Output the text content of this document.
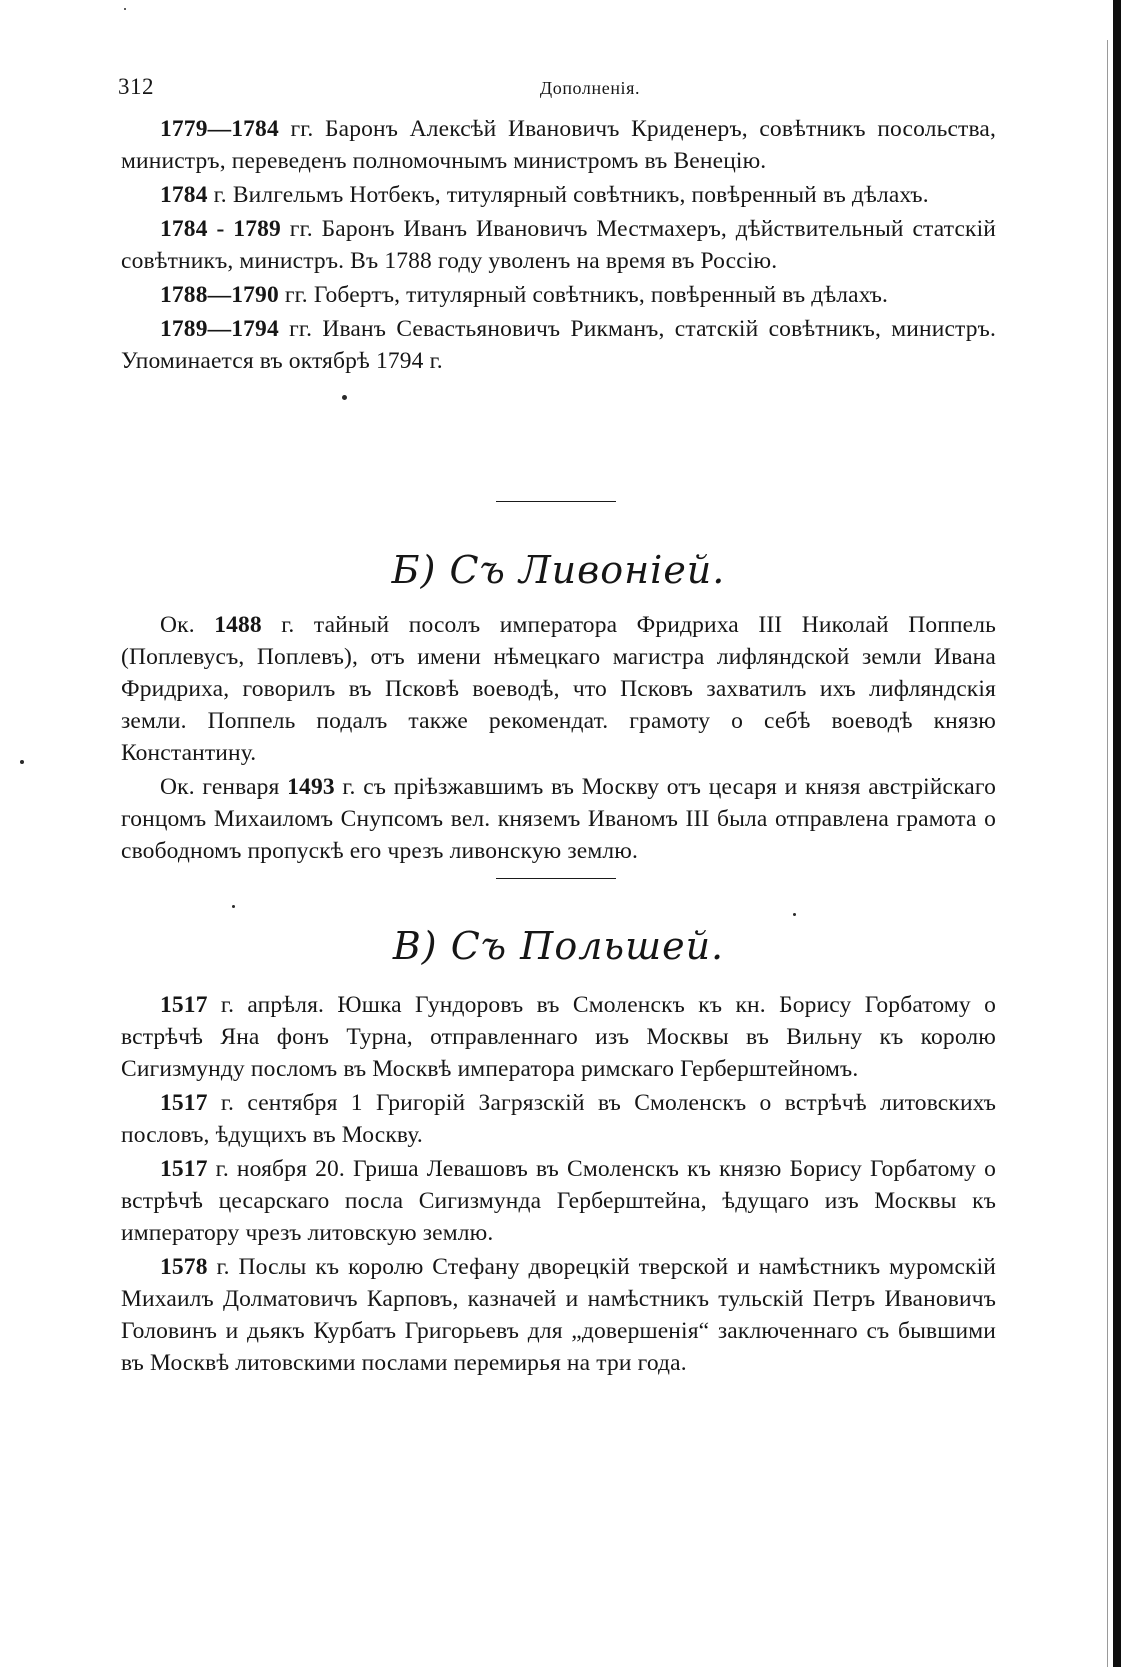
312	Дополненія.

1779—1784 гг. Баронъ Алексѣй Ивановичъ Криденеръ, совѣтникъ посольства, министръ, переведенъ полномочнымъ министромъ въ Венецію.

1784 г. Вилгельмъ Нотбекъ, титулярный совѣтникъ, повѣренный въ дѣлахъ.

1784 - 1789 гг. Баронъ Иванъ Ивановичъ Местмахеръ, дѣйствительный статскій совѣтникъ, министръ. Въ 1788 году уволенъ на время въ Россію.

1788—1790 гг. Гобертъ, титулярный совѣтникъ, повѣренный въ дѣлахъ.

1789—1794 гг. Иванъ Севастьяновичъ Рикманъ, статскій совѣтникъ, министръ. Упоминается въ октябрѣ 1794 г.

Б) Съ Ливоніей.

Ок. 1488 г. тайный посолъ императора Фридриха III Николай Поппель (Поплевусъ, Поплевъ), отъ имени нѣмецкаго магистра лифляндской земли Ивана Фридриха, говорилъ въ Псковѣ воеводѣ, что Псковъ захватилъ ихъ лифляндскія земли. Поппель подалъ также рекомендат. грамоту о себѣ воеводѣ князю Константину.

Ок. генваря 1493 г. съ пріѣзжавшимъ въ Москву отъ цесаря и князя австрійскаго гонцомъ Михаиломъ Снупсомъ вел. княземъ Иваномъ III была отправлена грамота о свободномъ пропускѣ его чрезъ ливонскую землю.

В) Съ Польшей.

1517 г. апрѣля. Юшка Гундоровъ въ Смоленскъ къ кн. Борису Горбатому о встрѣчѣ Яна фонъ Турна, отправленнаго изъ Москвы въ Вильну къ королю Сигизмунду посломъ въ Москвѣ императора римскаго Герберштейномъ.

1517 г. сентября 1 Григорій Загрязскій въ Смоленскъ о встрѣчѣ литовскихъ пословъ, ѣдущихъ въ Москву.

1517 г. ноября 20. Гриша Левашовъ въ Смоленскъ къ князю Борису Горбатому о встрѣчѣ цесарскаго посла Сигизмунда Герберштейна, ѣдущаго изъ Москвы къ императору чрезъ литовскую землю.

1578 г. Послы къ королю Стефану дворецкій тверской и намѣстникъ муромскій Михаилъ Долматовичъ Карповъ, казначей и намѣстникъ тульскій Петръ Ивановичъ Головинъ и дьякъ Курбатъ Григорьевъ для „довершенія“ заключеннаго съ бывшими въ Москвѣ литовскими послами перемирья на три года.
